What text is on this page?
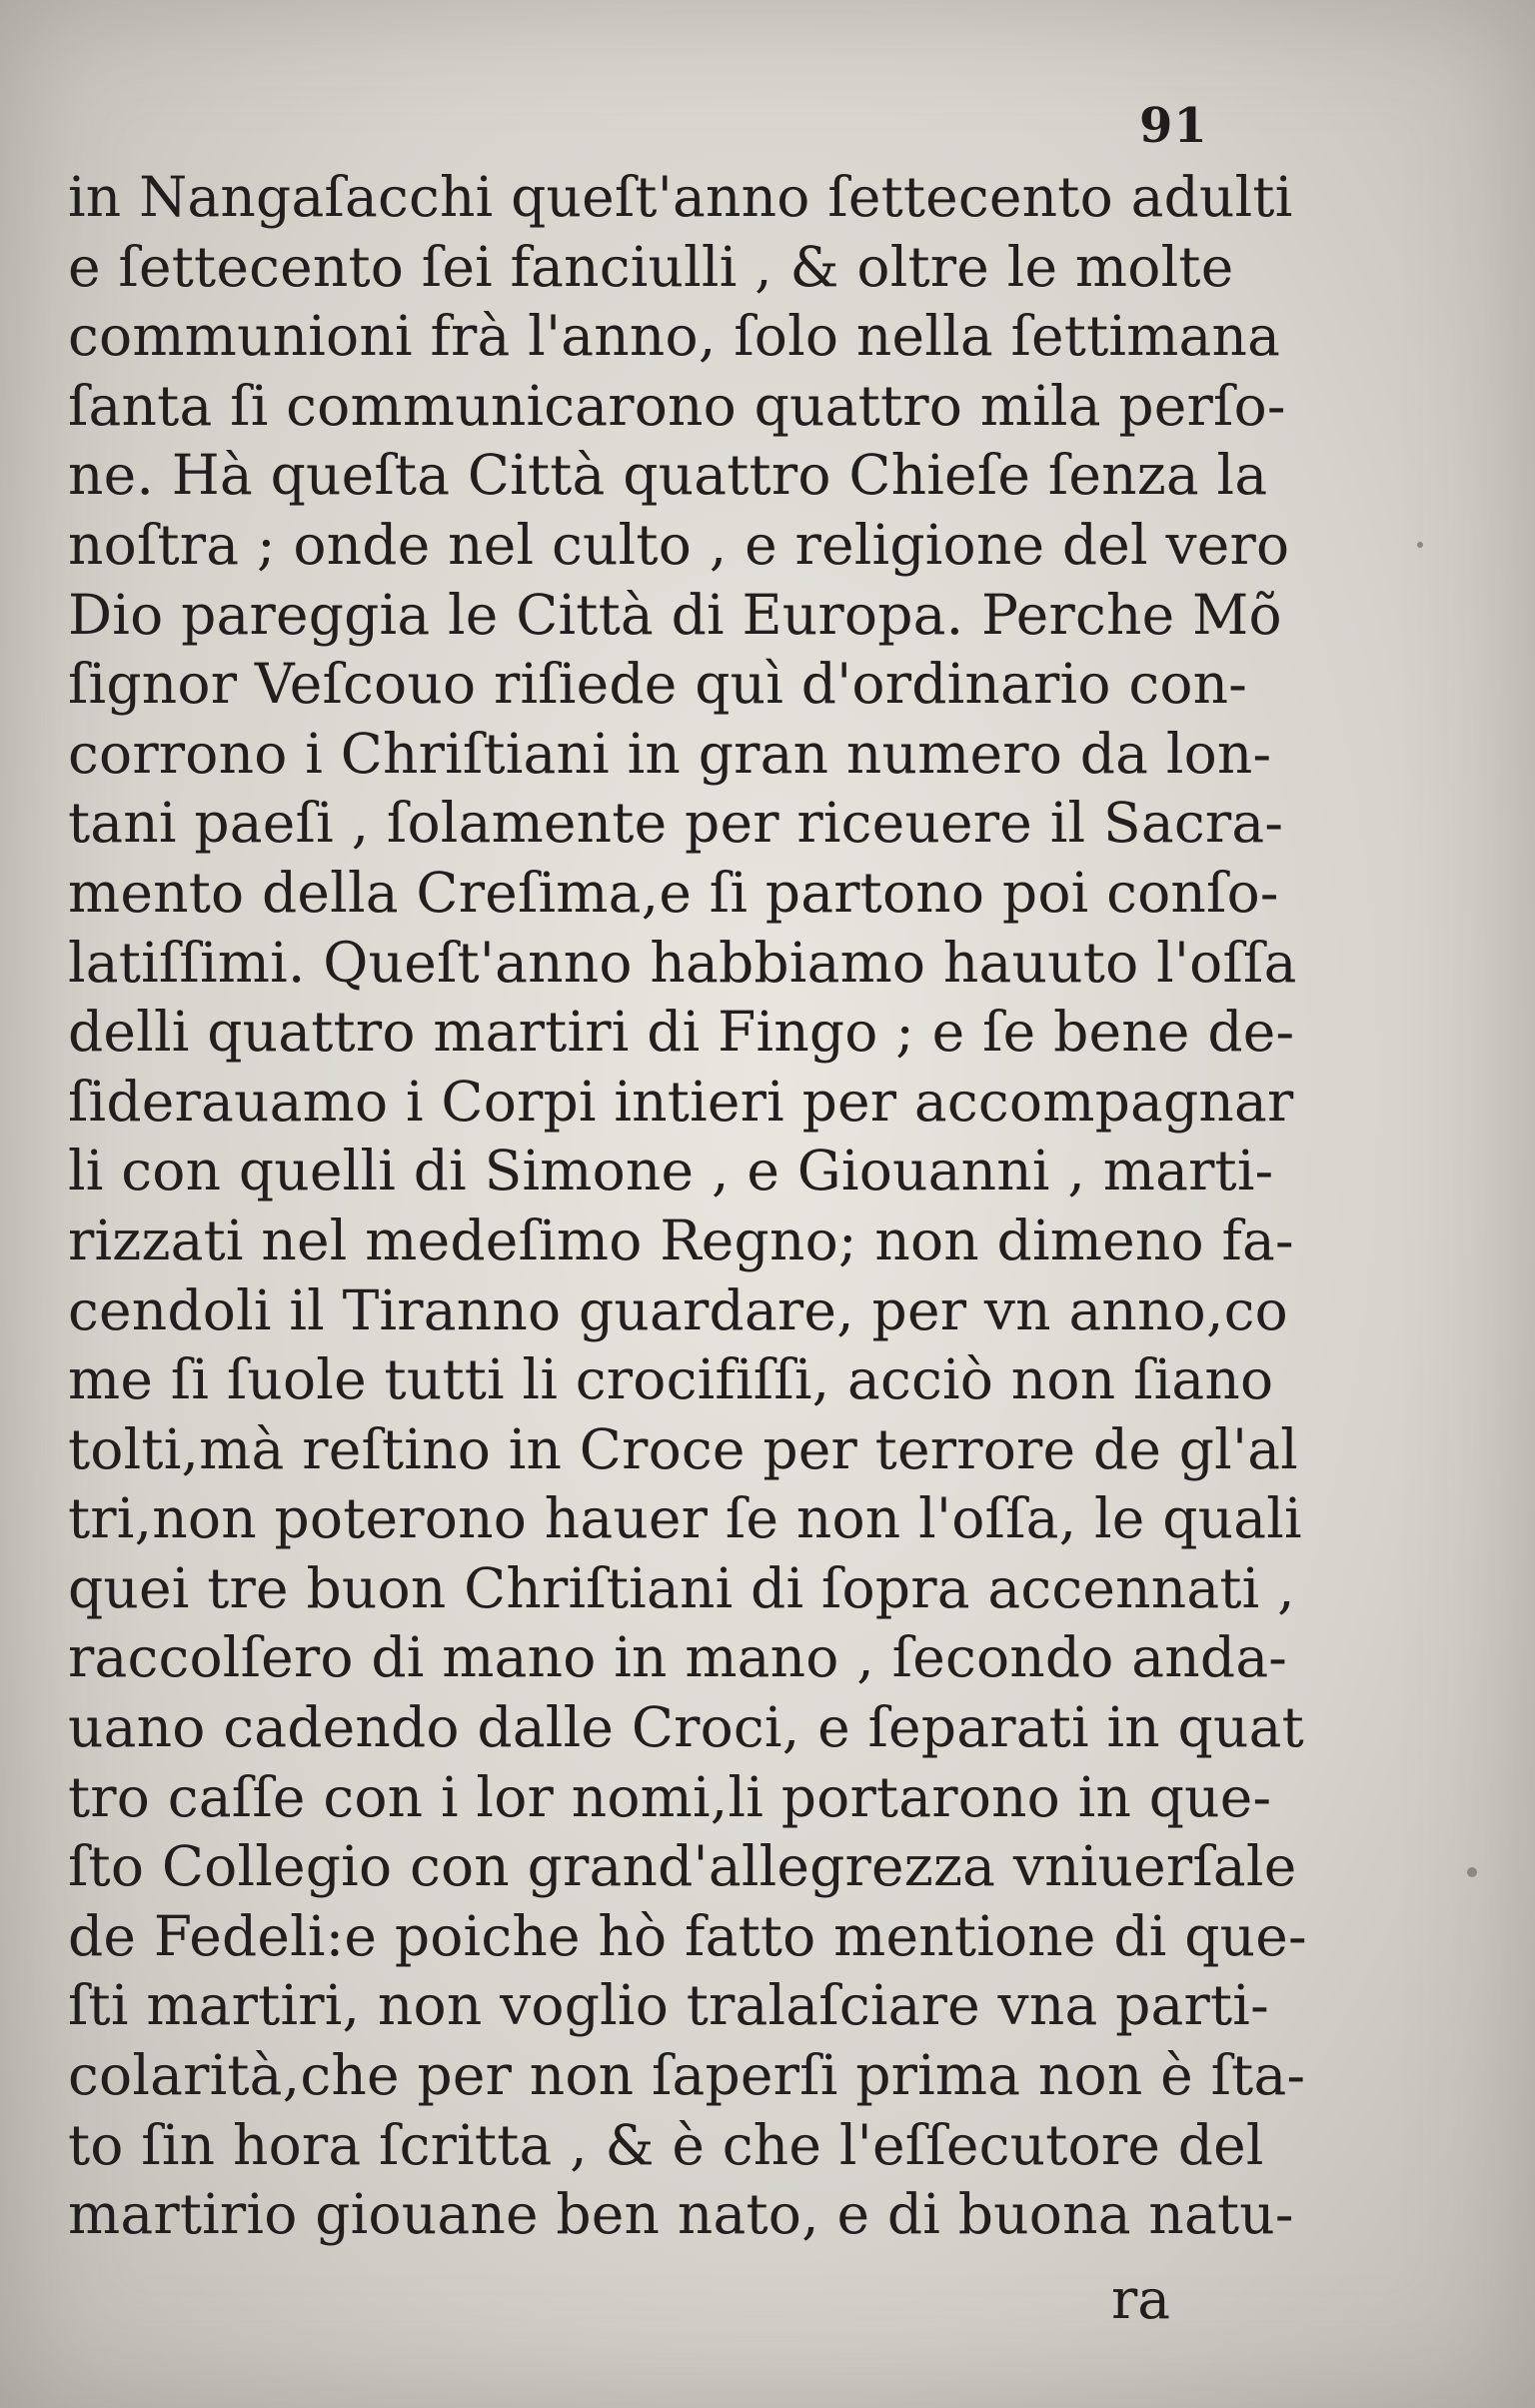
91
in Nangaſacchi queſt'anno ſettecento adulti
e ſettecento ſei fanciulli , & oltre le molte
communioni frà l'anno, ſolo nella ſettimana
ſanta ſi communicarono quattro mila perſo-
ne. Hà queſta Città quattro Chieſe ſenza la
noſtra ; onde nel culto , e religione del vero
Dio pareggia le Città di Europa. Perche Mõ
ſignor Veſcouo riſiede quì d'ordinario con-
corrono i Chriſtiani in gran numero da lon-
tani paeſi , ſolamente per riceuere il Sacra-
mento della Creſima,e ſi partono poi conſo-
latiſſimi. Queſt'anno habbiamo hauuto l'oſſa
delli quattro martiri di Fingo ; e ſe bene de-
ſiderauamo i Corpi intieri per accompagnar
li con quelli di Simone , e Giouanni , marti-
rizzati nel medeſimo Regno; non dimeno fa-
cendoli il Tiranno guardare, per vn anno,co
me ſi ſuole tutti li crocifiſſi, acciò non ſiano
tolti,mà reſtino in Croce per terrore de gl'al
tri,non poterono hauer ſe non l'oſſa, le quali
quei tre buon Chriſtiani di ſopra accennati ,
raccolſero di mano in mano , ſecondo anda-
uano cadendo dalle Croci, e ſeparati in quat
tro caſſe con i lor nomi,li portarono in que-
ſto Collegio con grand'allegrezza vniuerſale
de Fedeli:e poiche hò fatto mentione di que-
ſti martiri, non voglio tralaſciare vna parti-
colarità,che per non ſaperſi prima non è ſta-
to ſin hora ſcritta , & è che l'eſſecutore del
martirio giouane ben nato, e di buona natu-
ra
